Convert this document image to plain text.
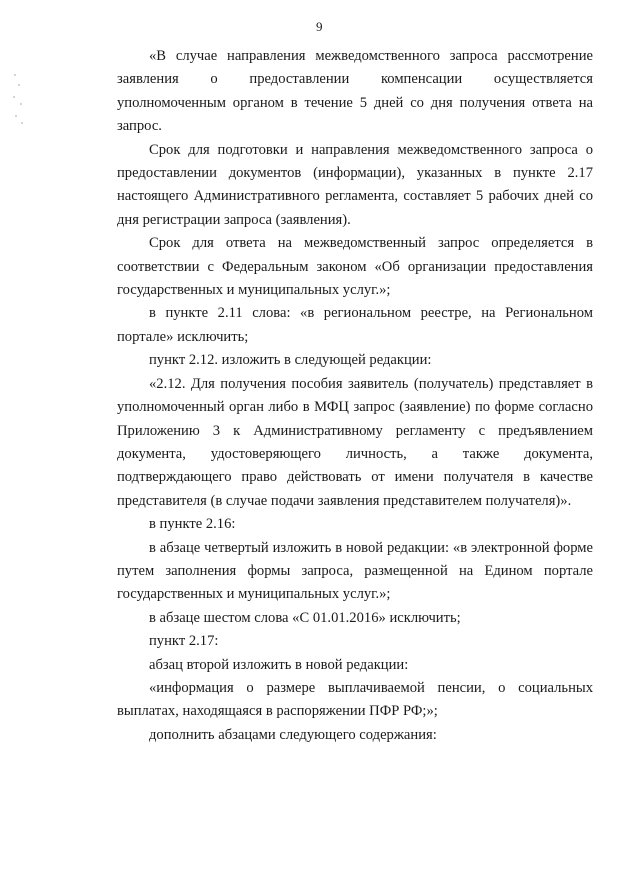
9

«В случае направления межведомственного запроса рассмотрение заявления о предоставлении компенсации осуществляется уполномоченным органом в течение 5 дней со дня получения ответа на запрос.

Срок для подготовки и направления межведомственного запроса о предоставлении документов (информации), указанных в пункте 2.17 настоящего Административного регламента, составляет 5 рабочих дней со дня регистрации запроса (заявления).

Срок для ответа на межведомственный запрос определяется в соответствии с Федеральным законом «Об организации предоставления государственных и муниципальных услуг.»;

в пункте 2.11 слова: «в региональном реестре, на Региональном портале» исключить;

пункт 2.12. изложить в следующей редакции:

«2.12. Для получения пособия заявитель (получатель) представляет в уполномоченный орган либо в МФЦ запрос (заявление) по форме согласно Приложению 3 к Административному регламенту с предъявлением документа, удостоверяющего личность, а также документа, подтверждающего право действовать от имени получателя в качестве представителя (в случае подачи заявления представителем получателя)».

в пункте 2.16:

в абзаце четвертый изложить в новой редакции: «в электронной форме путем заполнения формы запроса, размещенной на Едином портале государственных и муниципальных услуг.»;

в абзаце шестом слова «С 01.01.2016» исключить;

пункт 2.17:

абзац второй изложить в новой редакции:

«информация о размере выплачиваемой пенсии, о социальных выплатах, находящаяся в распоряжении ПФР РФ;»;

дополнить абзацами следующего содержания:
